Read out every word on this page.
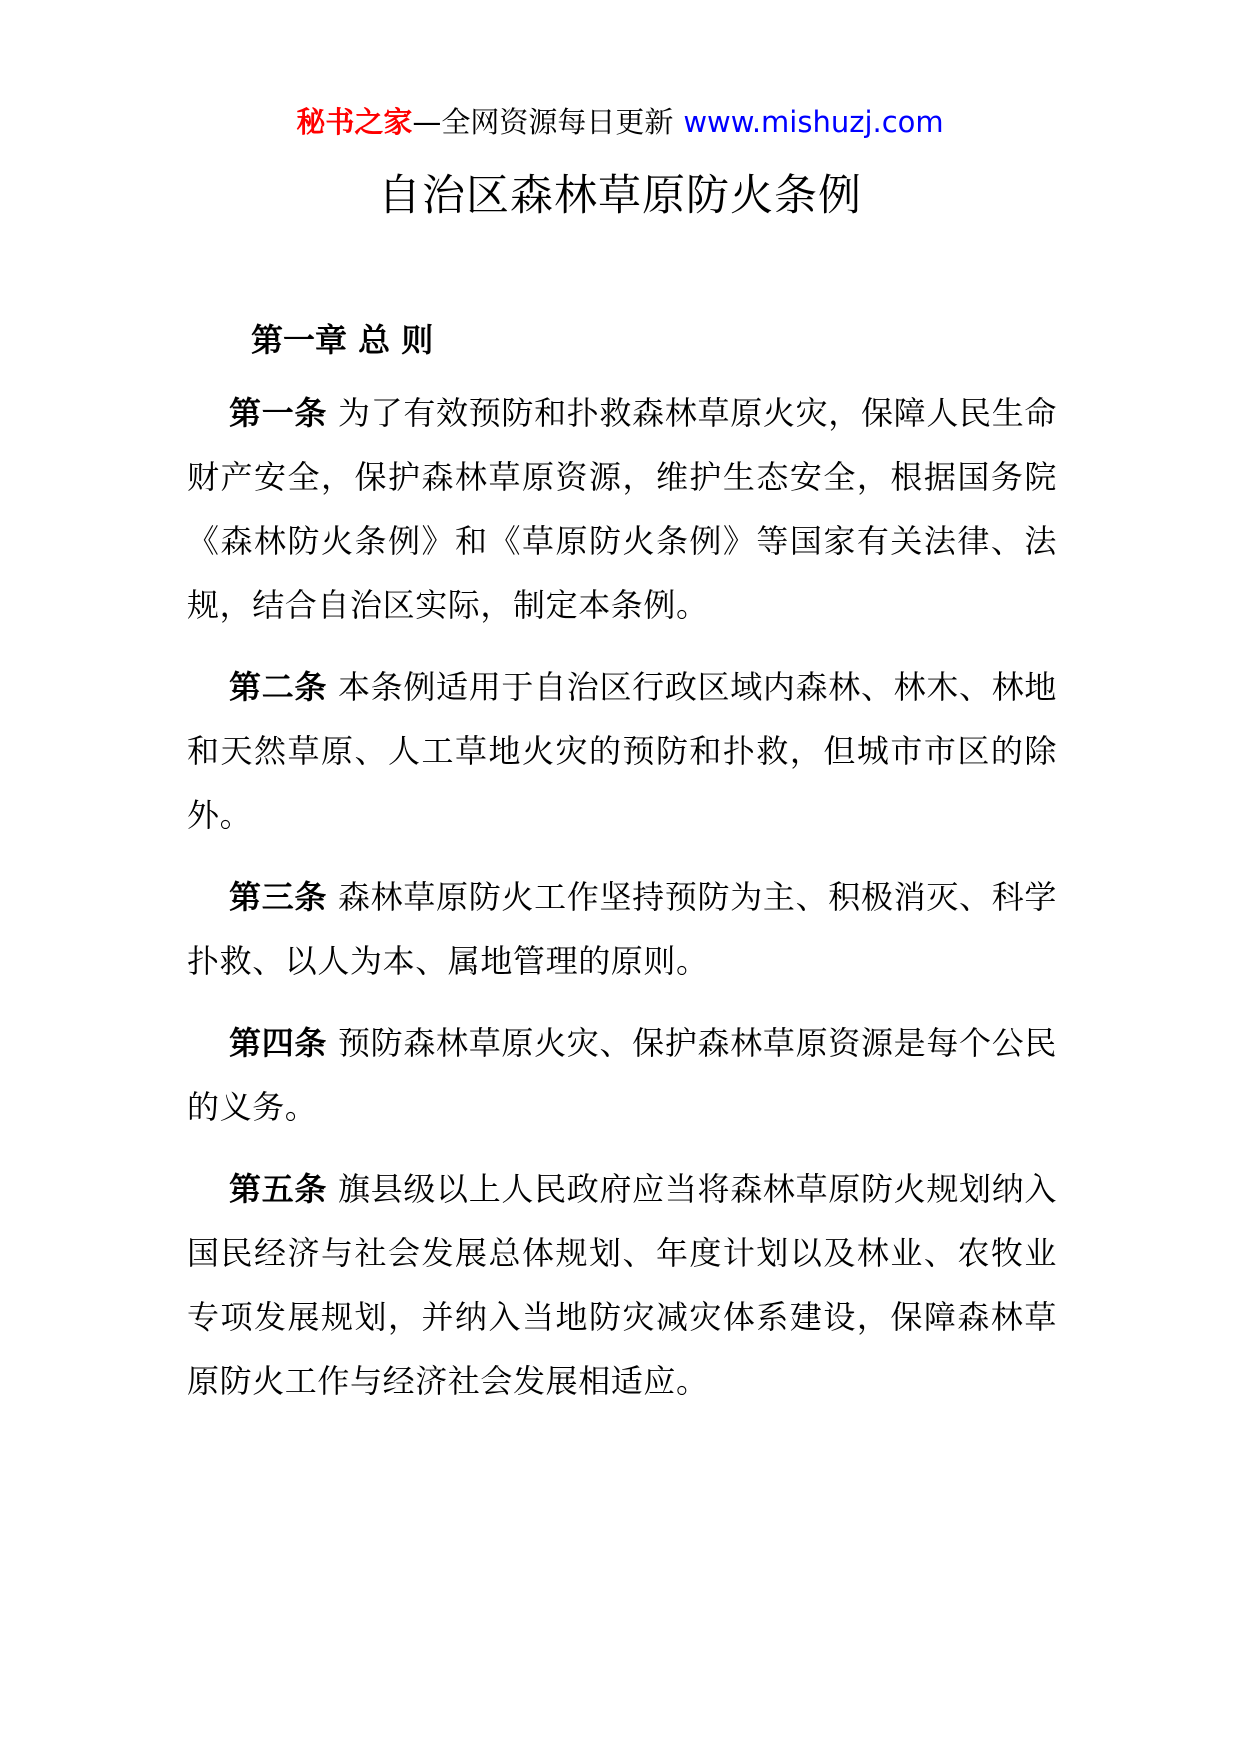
秘书之家—全网资源每日更新 www.mishuzj.com
自治区森林草原防火条例
第一章 总 则

第一条 为了有效预防和扑救森林草原火灾，保障人民生命财产安全，保护森林草原资源，维护生态安全，根据国务院《森林防火条例》和《草原防火条例》等国家有关法律、法规，结合自治区实际，制定本条例。

第二条 本条例适用于自治区行政区域内森林、林木、林地和天然草原、人工草地火灾的预防和扑救，但城市市区的除外。

第三条 森林草原防火工作坚持预防为主、积极消灭、科学扑救、以人为本、属地管理的原则。

第四条 预防森林草原火灾、保护森林草原资源是每个公民的义务。

第五条 旗县级以上人民政府应当将森林草原防火规划纳入国民经济与社会发展总体规划、年度计划以及林业、农牧业专项发展规划，并纳入当地防灾减灾体系建设，保障森林草原防火工作与经济社会发展相适应。
